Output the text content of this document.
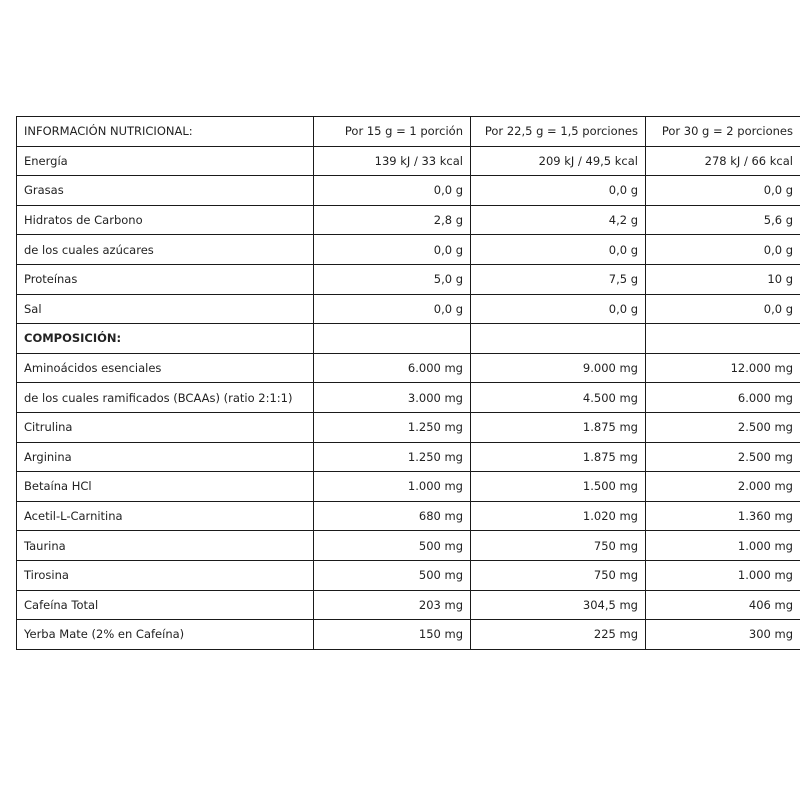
INFORMACIÓN NUTRICIONAL:	Por 15 g = 1 porción	Por 22,5 g = 1,5 porciones	Por 30 g = 2 porciones
Energía	139 kJ / 33 kcal	209 kJ / 49,5 kcal	278 kJ / 66 kcal
Grasas	0,0 g	0,0 g	0,0 g
Hidratos de Carbono	2,8 g	4,2 g	5,6 g
de los cuales azúcares	0,0 g	0,0 g	0,0 g
Proteínas	5,0 g	7,5 g	10 g
Sal	0,0 g	0,0 g	0,0 g
COMPOSICIÓN:			
Aminoácidos esenciales	6.000 mg	9.000 mg	12.000 mg
de los cuales ramificados (BCAAs) (ratio 2:1:1)	3.000 mg	4.500 mg	6.000 mg
Citrulina	1.250 mg	1.875 mg	2.500 mg
Arginina	1.250 mg	1.875 mg	2.500 mg
Betaína HCl	1.000 mg	1.500 mg	2.000 mg
Acetil-L-Carnitina	680 mg	1.020 mg	1.360 mg
Taurina	500 mg	750 mg	1.000 mg
Tirosina	500 mg	750 mg	1.000 mg
Cafeína Total	203 mg	304,5 mg	406 mg
Yerba Mate (2% en Cafeína)	150 mg	225 mg	300 mg
